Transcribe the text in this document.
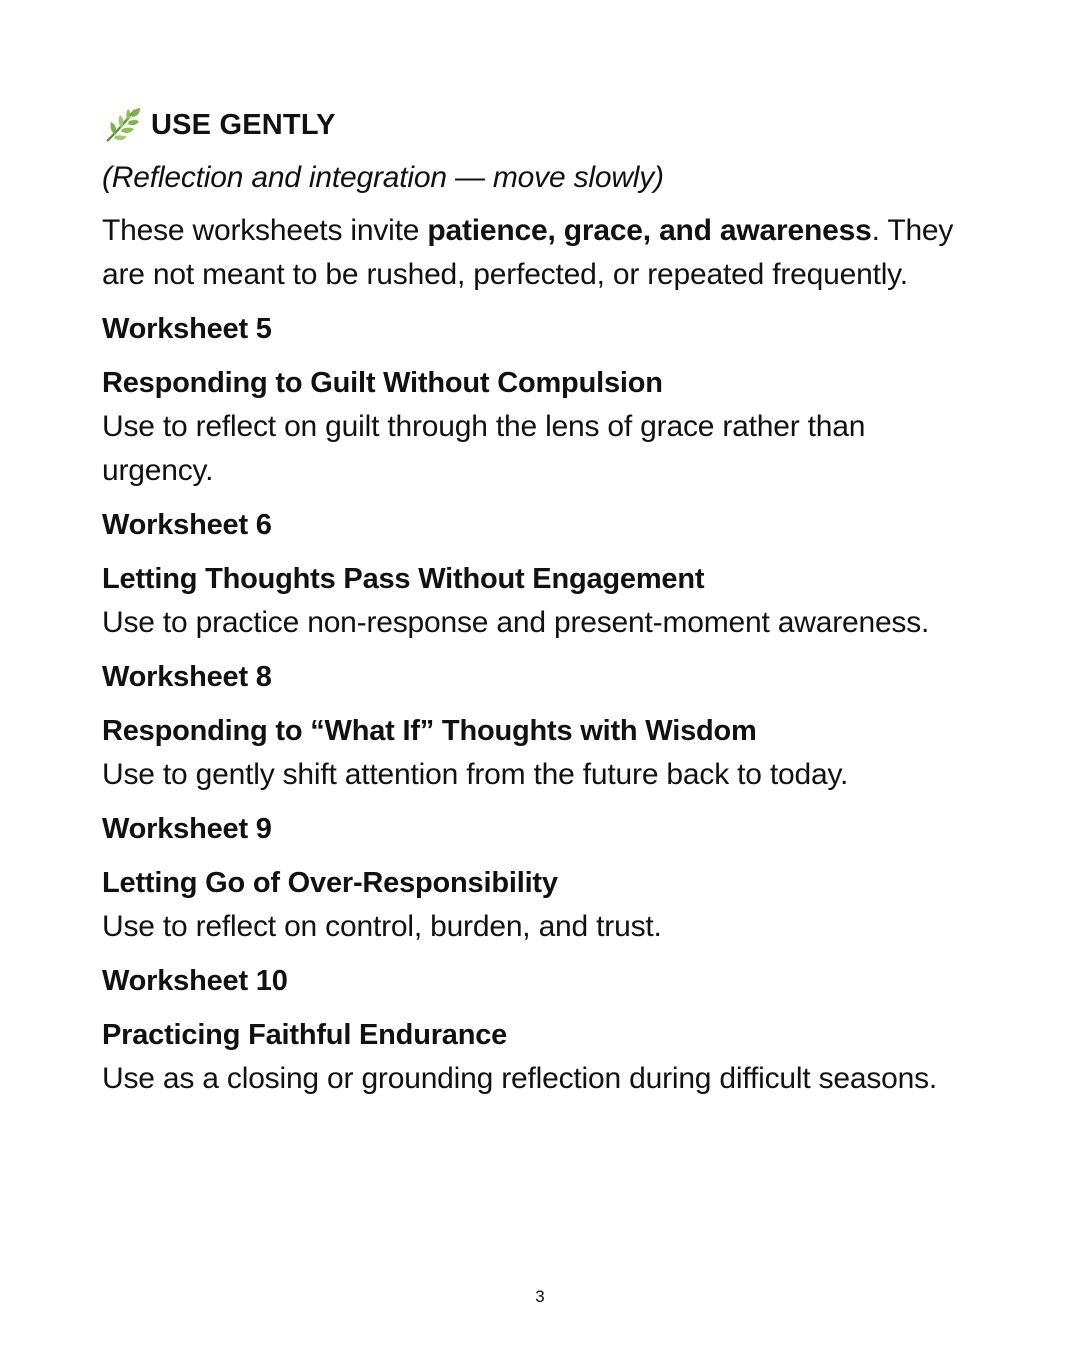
USE GENTLY
(Reflection and integration — move slowly)
These worksheets invite patience, grace, and awareness. They are not meant to be rushed, perfected, or repeated frequently.
Worksheet 5
Responding to Guilt Without Compulsion
Use to reflect on guilt through the lens of grace rather than urgency.
Worksheet 6
Letting Thoughts Pass Without Engagement
Use to practice non-response and present-moment awareness.
Worksheet 8
Responding to “What If” Thoughts with Wisdom
Use to gently shift attention from the future back to today.
Worksheet 9
Letting Go of Over-Responsibility
Use to reflect on control, burden, and trust.
Worksheet 10
Practicing Faithful Endurance
Use as a closing or grounding reflection during difficult seasons.
3
